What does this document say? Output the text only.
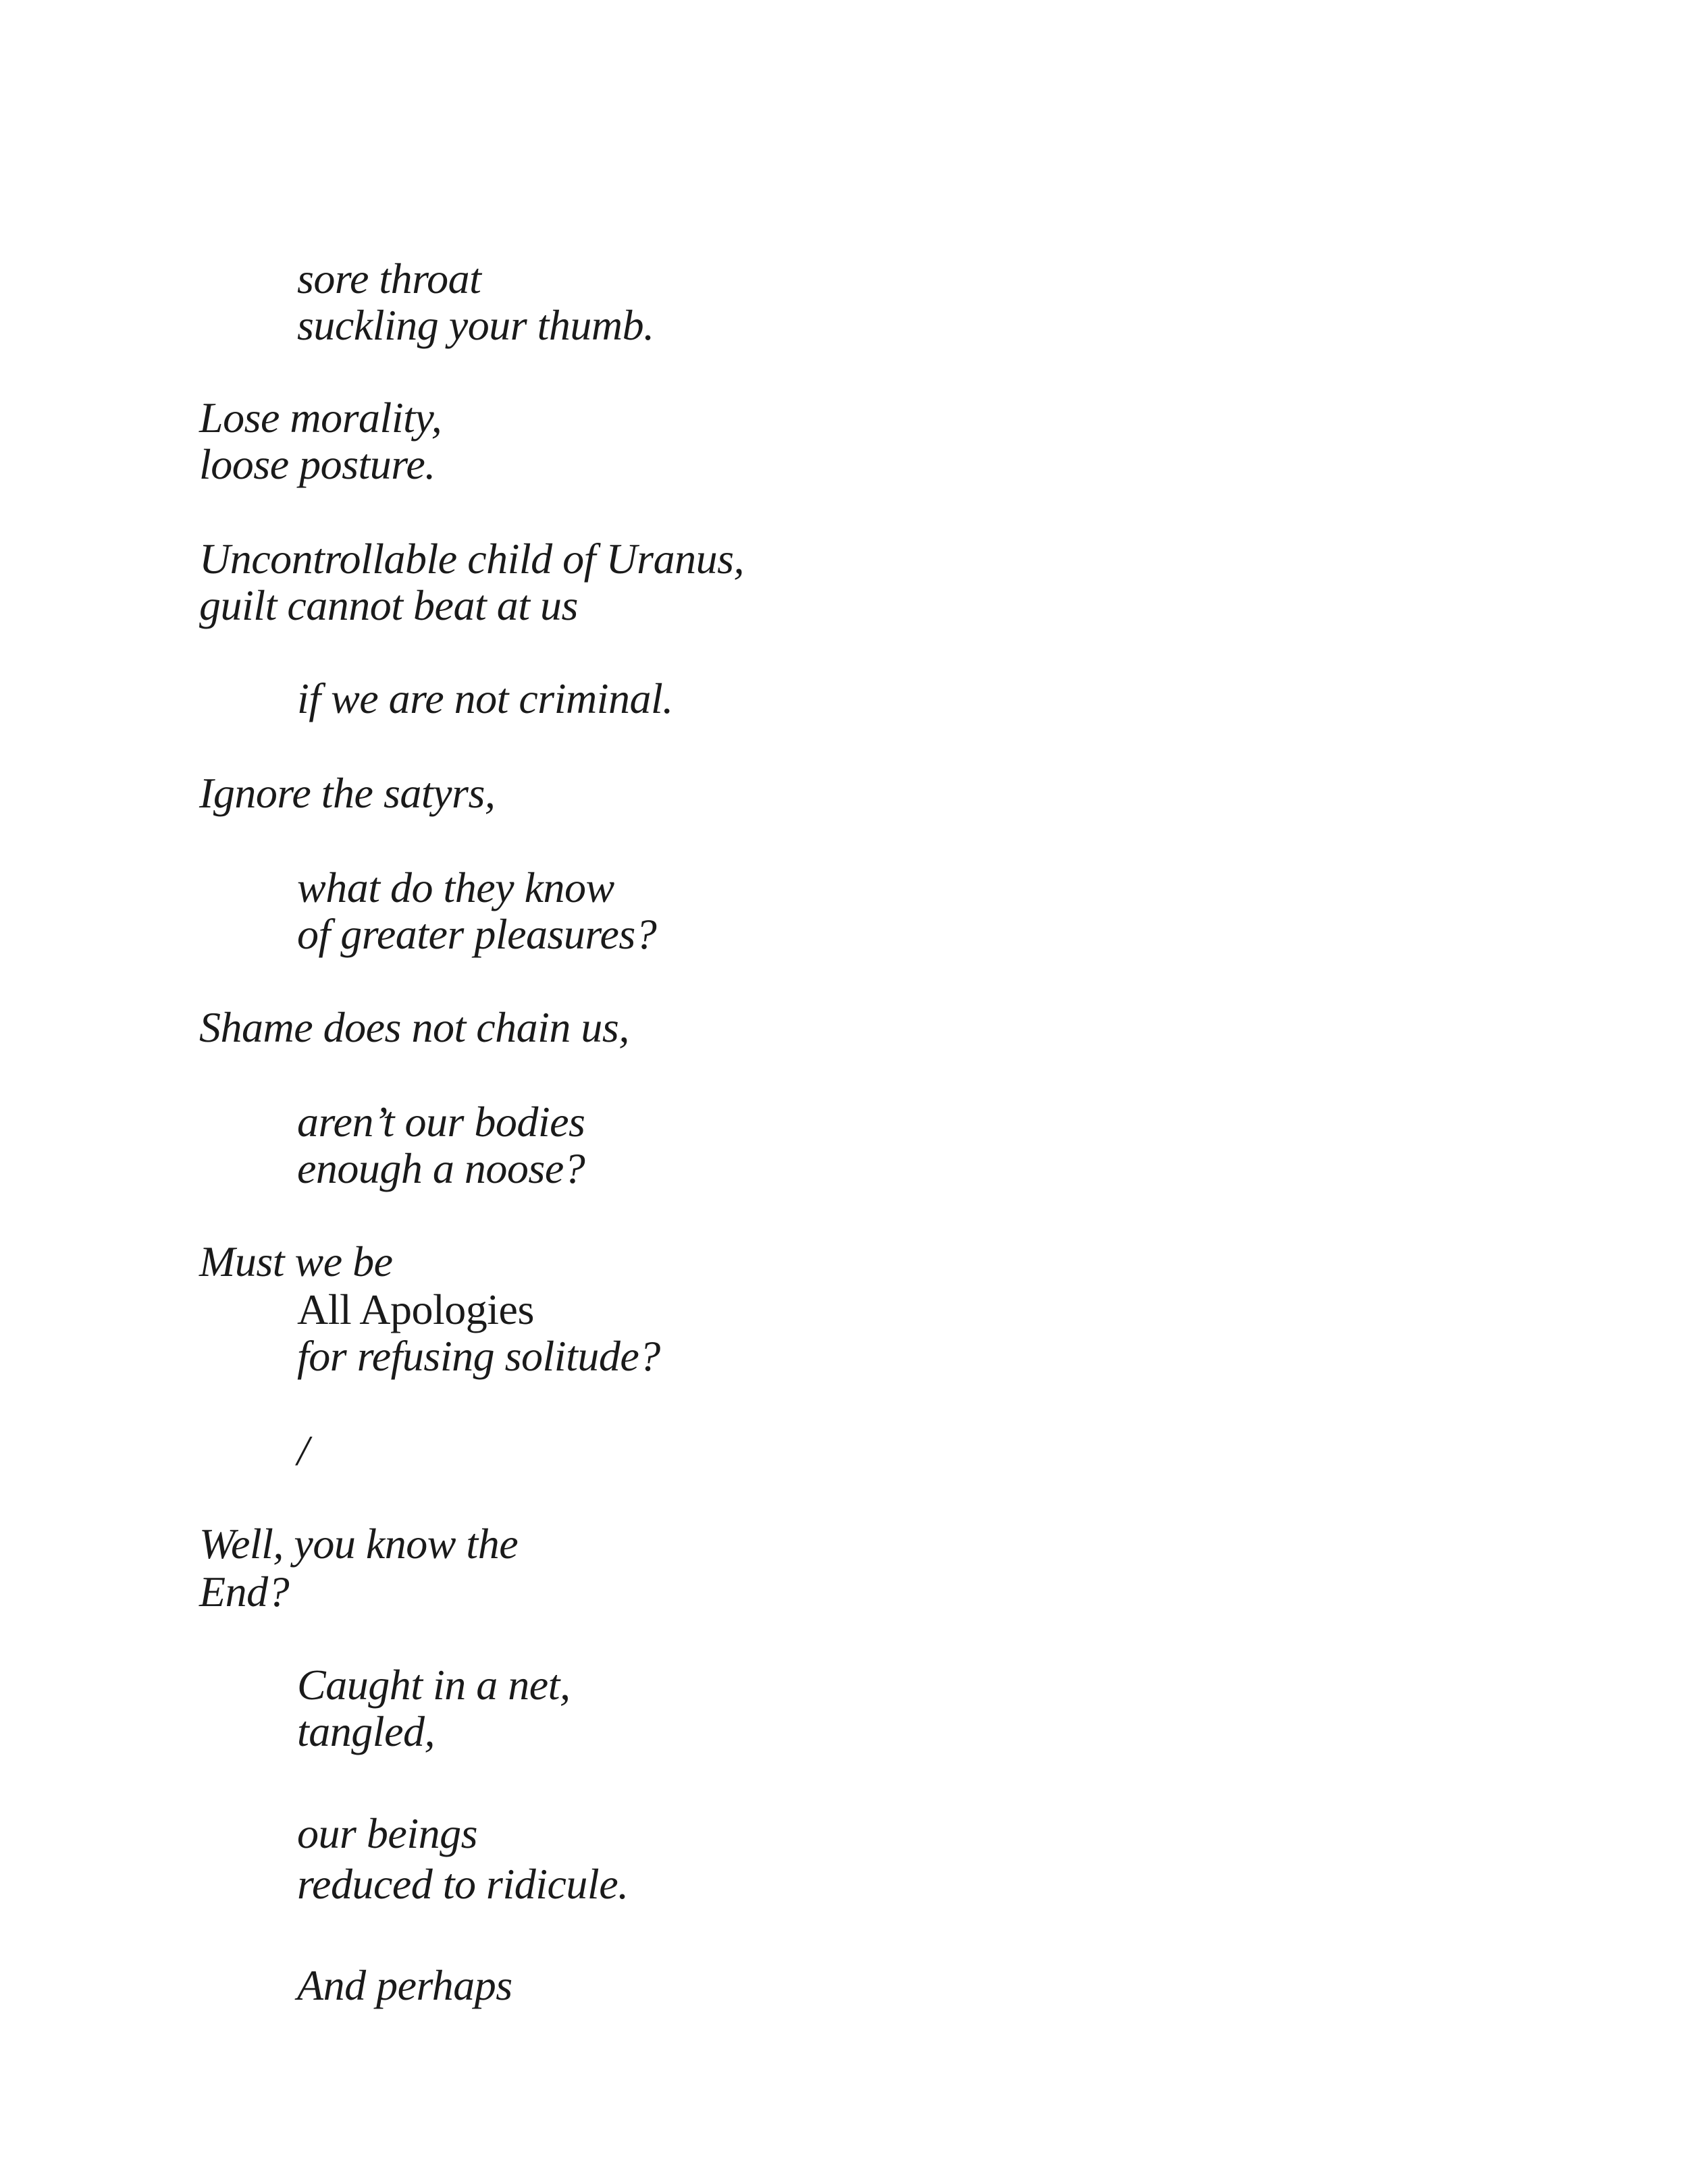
sore throat
suckling your thumb.
Lose morality,
loose posture.
Uncontrollable child of Uranus,
guilt cannot beat at us
if we are not criminal.
Ignore the satyrs,
what do they know
of greater pleasures?
Shame does not chain us,
aren’t our bodies
enough a noose?
Must we be
All Apologies
for refusing solitude?
/
Well, you know the
End?
Caught in a net,
tangled,
our beings
reduced to ridicule.
And perhaps
